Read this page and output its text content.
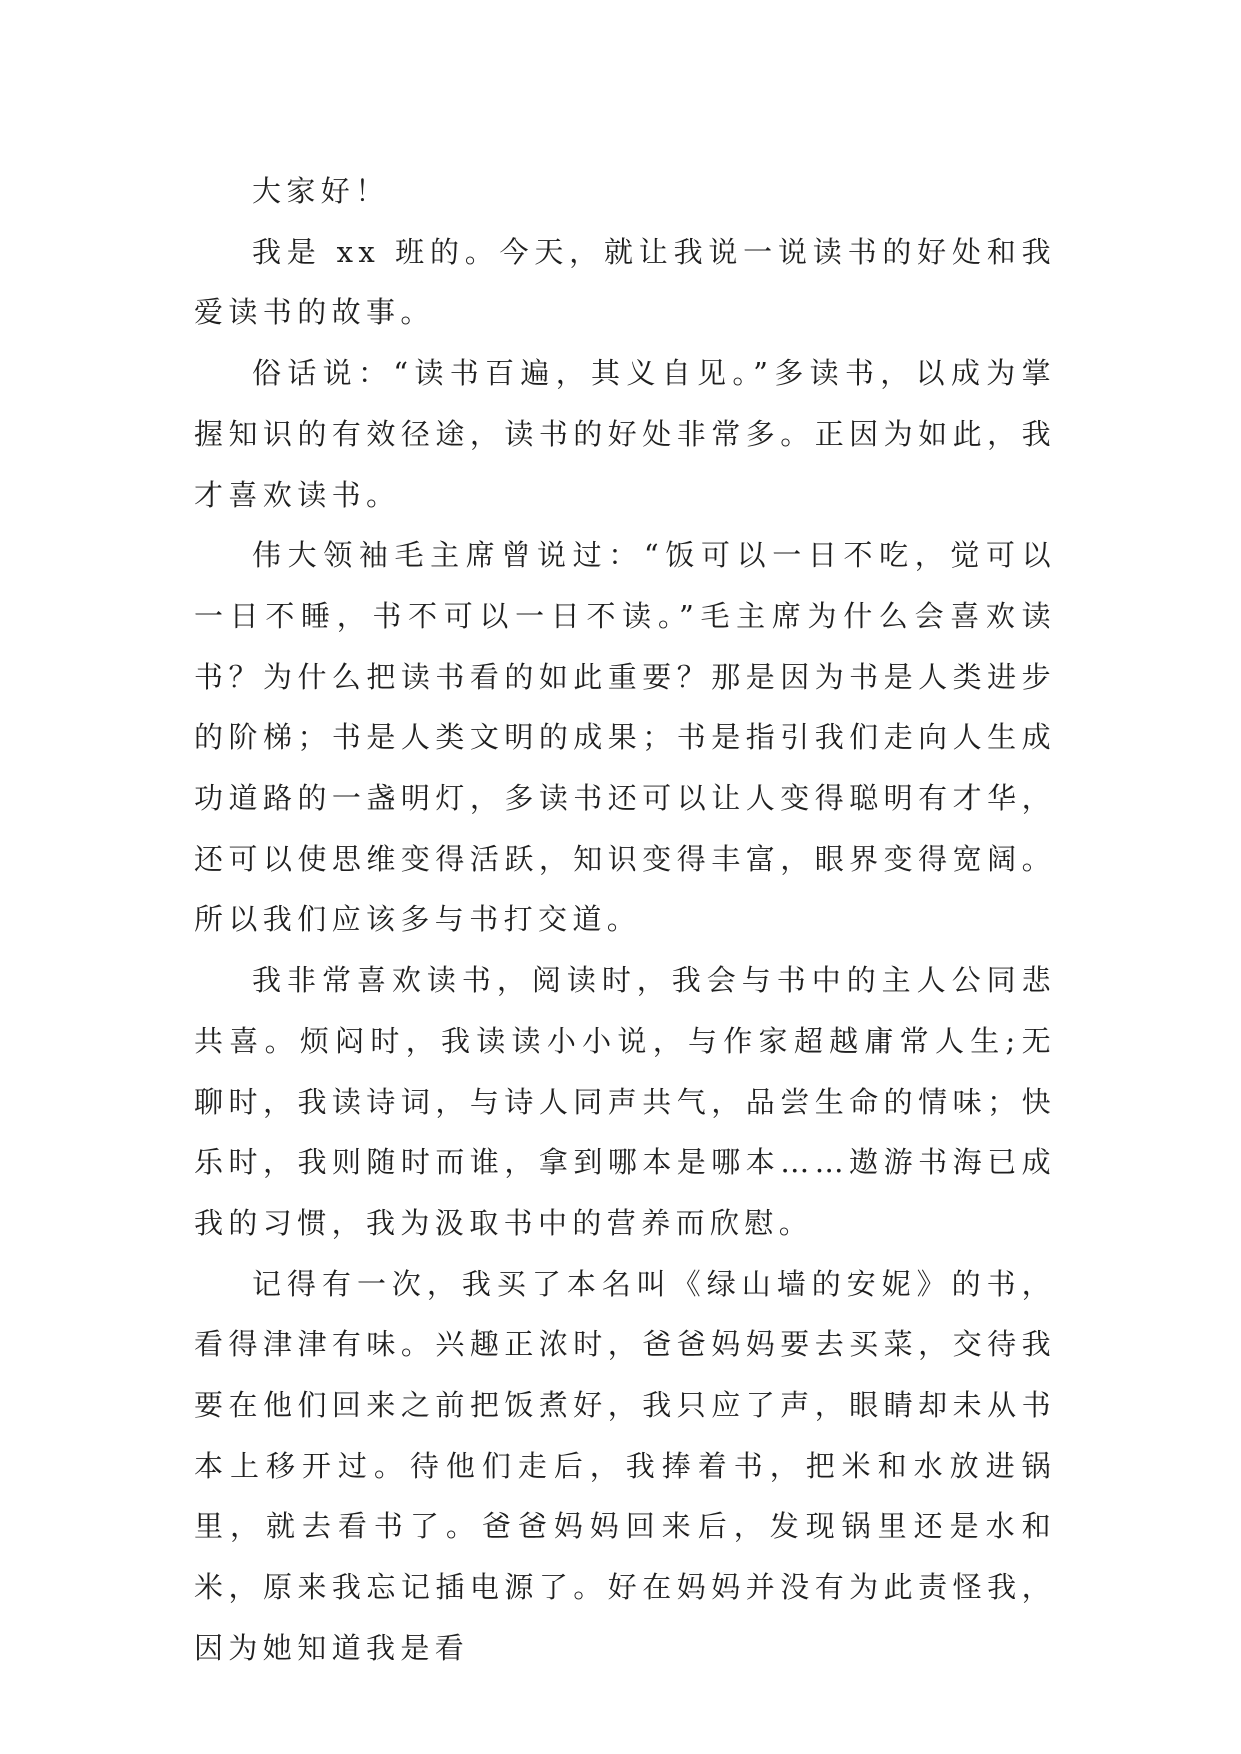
大家好！

我是 xx 班的。今天，就让我说一说读书的好处和我爱读书的故事。

俗话说：“读书百遍，其义自见。”多读书，以成为掌握知识的有效径途，读书的好处非常多。正因为如此，我才喜欢读书。

伟大领袖毛主席曾说过：“饭可以一日不吃，觉可以一日不睡，书不可以一日不读。”毛主席为什么会喜欢读书？为什么把读书看的如此重要？那是因为书是人类进步的阶梯；书是人类文明的成果；书是指引我们走向人生成功道路的一盏明灯，多读书还可以让人变得聪明有才华，还可以使思维变得活跃，知识变得丰富，眼界变得宽阔。所以我们应该多与书打交道。

我非常喜欢读书，阅读时，我会与书中的主人公同悲共喜。烦闷时，我读读小小说，与作家超越庸常人生;无聊时，我读诗词，与诗人同声共气，品尝生命的情味；快乐时，我则随时而谁，拿到哪本是哪本……遨游书海已成我的习惯，我为汲取书中的营养而欣慰。

记得有一次，我买了本名叫《绿山墙的安妮》的书，看得津津有味。兴趣正浓时，爸爸妈妈要去买菜，交待我要在他们回来之前把饭煮好，我只应了声，眼睛却未从书本上移开过。待他们走后，我捧着书，把米和水放进锅里，就去看书了。爸爸妈妈回来后，发现锅里还是水和米，原来我忘记插电源了。好在妈妈并没有为此责怪我，因为她知道我是看
